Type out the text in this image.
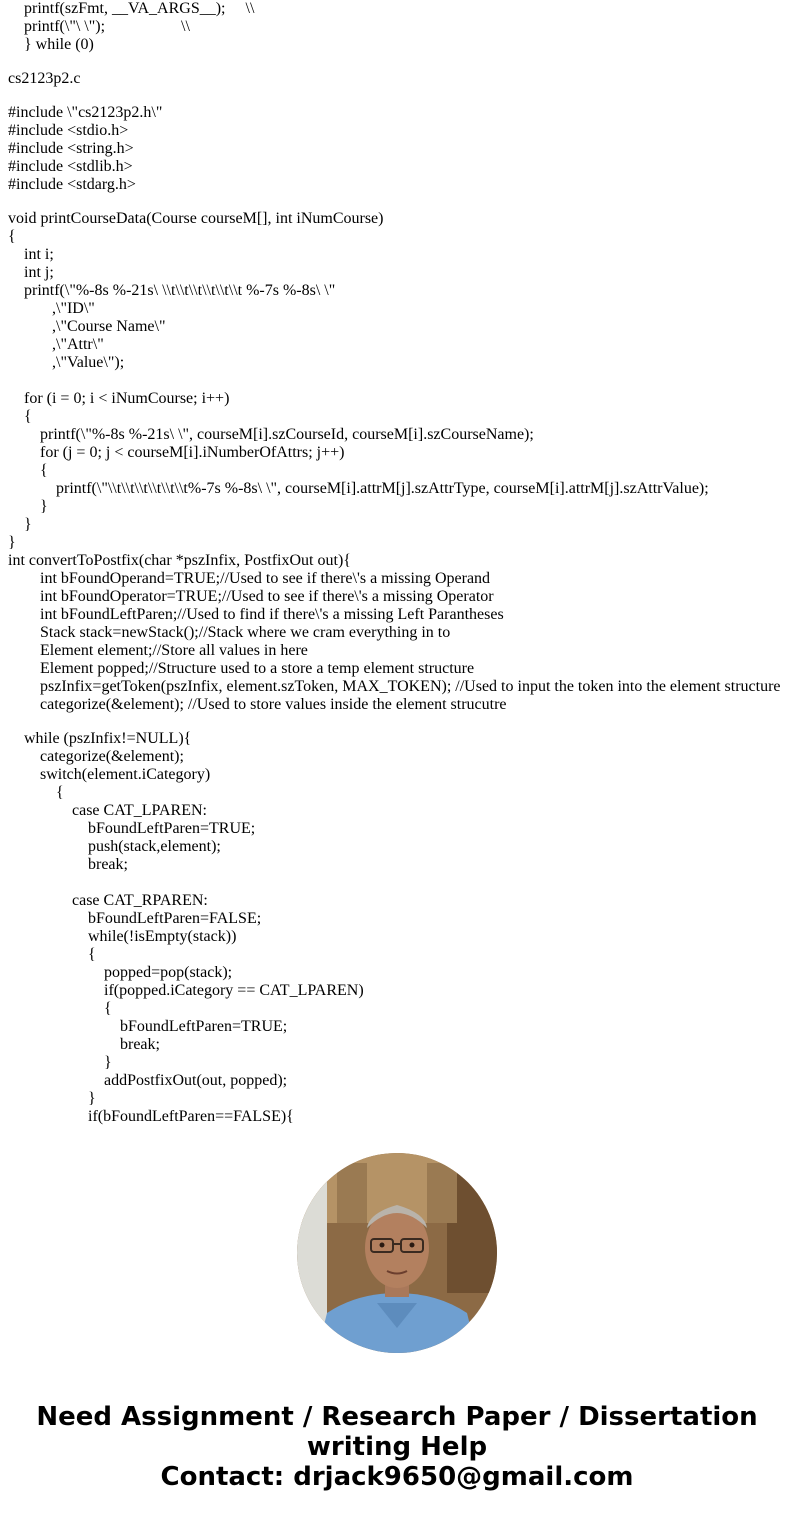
printf(szFmt, __VA_ARGS__);     \\
printf(\"\ \");                   \\
} while (0)
cs2123p2.c
#include \"cs2123p2.h\"
#include <stdio.h>
#include <string.h>
#include <stdlib.h>
#include <stdarg.h>
void printCourseData(Course courseM[], int iNumCourse)
{
int i;
int j;
printf(\"%-8s %-21s\ \\t\\t\\t\\t\\t\\t %-7s %-8s\ \"
,\"ID\"
,\"Course Name\"
,\"Attr\"
,\"Value\");
for (i = 0; i < iNumCourse; i++)
{
printf(\"%-8s %-21s\ \", courseM[i].szCourseId, courseM[i].szCourseName);
for (j = 0; j < courseM[i].iNumberOfAttrs; j++)
{
printf(\"\\t\\t\\t\\t\\t\\t%-7s %-8s\ \", courseM[i].attrM[j].szAttrType, courseM[i].attrM[j].szAttrValue);
}
}
}
int convertToPostfix(char *pszInfix, PostfixOut out){
int bFoundOperand=TRUE;//Used to see if there\'s a missing Operand
int bFoundOperator=TRUE;//Used to see if there\'s a missing Operator
int bFoundLeftParen;//Used to find if there\'s a missing Left Parantheses
Stack stack=newStack();//Stack where we cram everything in to
Element element;//Store all values in here
Element popped;//Structure used to a store a temp element structure
pszInfix=getToken(pszInfix, element.szToken, MAX_TOKEN); //Used to input the token into the element structure
categorize(&element); //Used to store values inside the element strucutre
while (pszInfix!=NULL){
categorize(&element);
switch(element.iCategory)
{
case CAT_LPAREN:
bFoundLeftParen=TRUE;
push(stack,element);
break;
case CAT_RPAREN:
bFoundLeftParen=FALSE;
while(!isEmpty(stack))
{
popped=pop(stack);
if(popped.iCategory == CAT_LPAREN)
{
bFoundLeftParen=TRUE;
break;
}
addPostfixOut(out, popped);
}
if(bFoundLeftParen==FALSE){
Need Assignment / Research Paper / Dissertation
writing Help
Contact: drjack9650@gmail.com
